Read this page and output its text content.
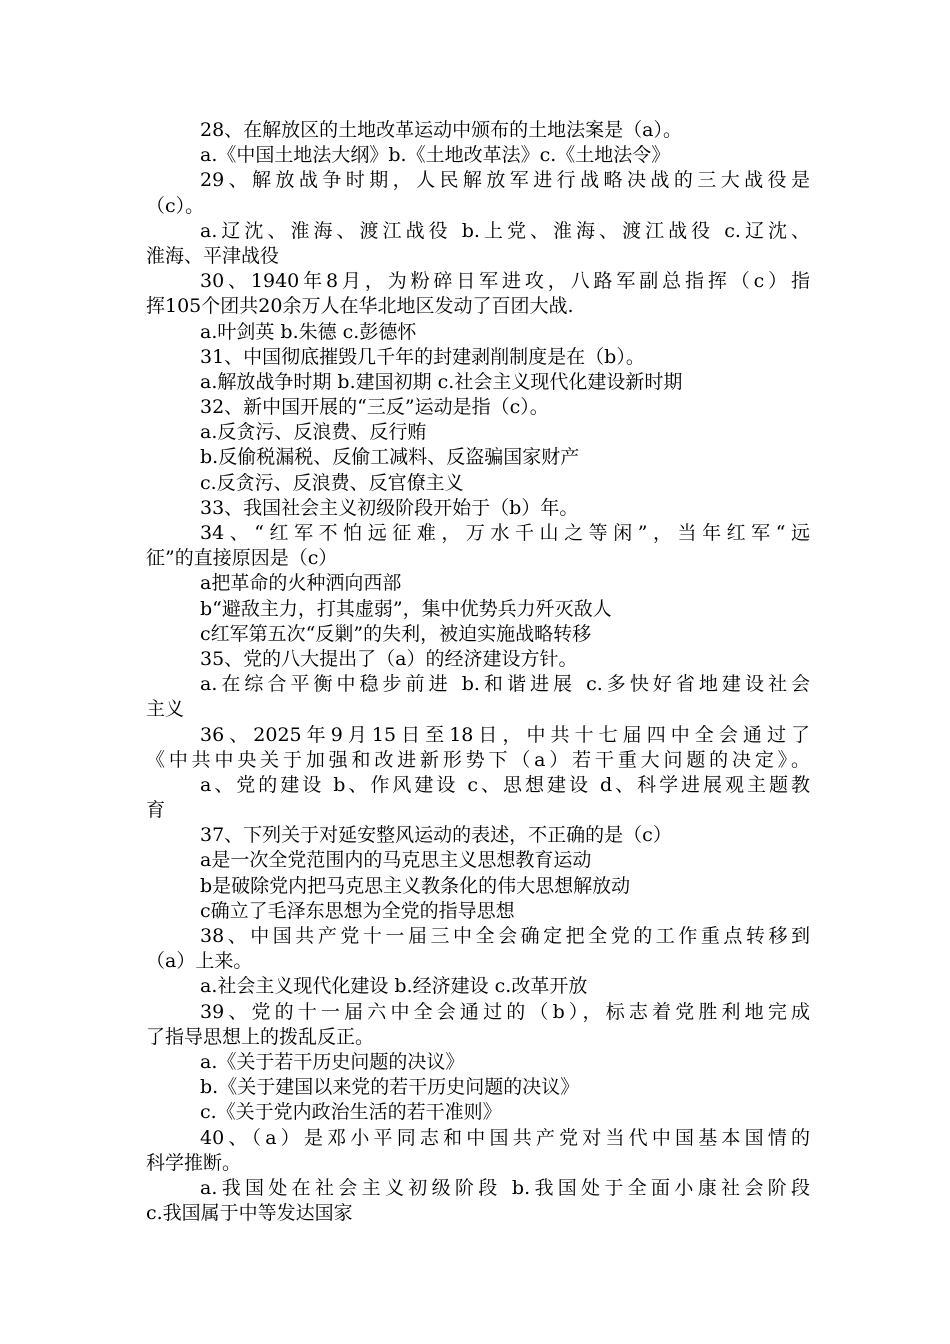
28、在解放区的土地改革运动中颁布的土地法案是（a）。
a.《中国土地法大纲》b.《土地改革法》c.《土地法令》
29、解放战争时期，人民解放军进行战略决战的三大战役是
（c）。
a.辽沈、淮海、渡江战役 b.上党、淮海、渡江战役 c.辽沈、
淮海、平津战役
30、1940年8月，为粉碎日军进攻，八路军副总指挥（c）指
挥105个团共20余万人在华北地区发动了百团大战.
a.叶剑英 b.朱德 c.彭德怀
31、中国彻底摧毁几千年的封建剥削制度是在（b）。
a.解放战争时期 b.建国初期 c.社会主义现代化建设新时期
32、新中国开展的“三反”运动是指（c）。
a.反贪污、反浪费、反行贿
b.反偷税漏税、反偷工减料、反盗骗国家财产
c.反贪污、反浪费、反官僚主义
33、我国社会主义初级阶段开始于（b）年。
34、“红军不怕远征难，万水千山之等闲”，当年红军“远
征”的直接原因是（c）
a把革命的火种洒向西部
b“避敌主力，打其虚弱”，集中优势兵力歼灭敌人
c红军第五次“反剿”的失利，被迫实施战略转移
35、党的八大提出了（a）的经济建设方针。
a.在综合平衡中稳步前进 b.和谐进展 c.多快好省地建设社会
主义
36、2025年9月15日至18日，中共十七届四中全会通过了
《中共中央关于加强和改进新形势下（a）若干重大问题的决定》。
a、党的建设 b、作风建设 c、思想建设 d、科学进展观主题教
育
37、下列关于对延安整风运动的表述，不正确的是（c）
a是一次全党范围内的马克思主义思想教育运动
b是破除党内把马克思主义教条化的伟大思想解放动
c确立了毛泽东思想为全党的指导思想
38、中国共产党十一届三中全会确定把全党的工作重点转移到
（a）上来。
a.社会主义现代化建设 b.经济建设 c.改革开放
39、党的十一届六中全会通过的（b），标志着党胜利地完成
了指导思想上的拨乱反正。
a.《关于若干历史问题的决议》
b.《关于建国以来党的若干历史问题的决议》
c.《关于党内政治生活的若干准则》
40、（a）是邓小平同志和中国共产党对当代中国基本国情的
科学推断。
a.我国处在社会主义初级阶段 b.我国处于全面小康社会阶段
c.我国属于中等发达国家
